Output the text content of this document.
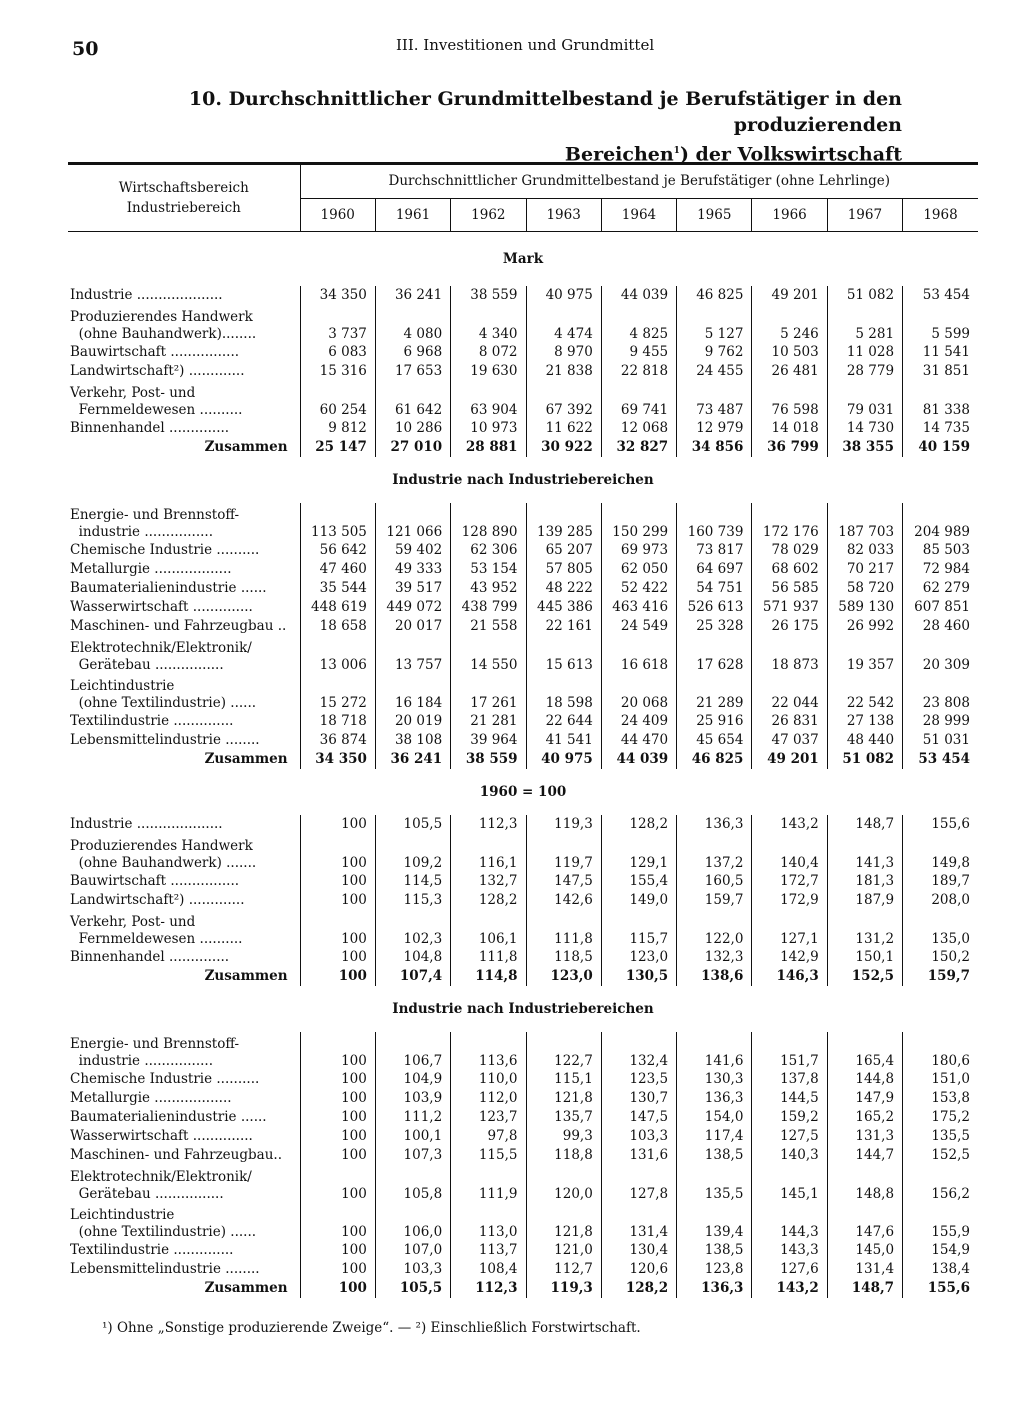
50	III. Investitionen und Grundmittel
10. Durchschnittlicher Grundmittelbestand je Berufstätiger in den produzierenden
Bereichen$^1$) der Volkswirtschaft
Wirtschaftsbereich
Industriebereich	Durchschnittlicher Grundmittelbestand je Berufstätiger (ohne Lehrlinge)								
	1960	1961	1962	1963	1964	1965	1966	1967	1968
Mark									
Industrie ....................	34 350	36 241	38 559	40 975	44 039	46 825	49 201	51 082	53 454
Produzierendes Handwerk
(ohne Bauhandwerk)........	3 737	4 080	4 340	4 474	4 825	5 127	5 246	5 281	5 599
Bauwirtschaft ................	6 083	6 968	8 072	8 970	9 455	9 762	10 503	11 028	11 541
Landwirtschaft²) .............	15 316	17 653	19 630	21 838	22 818	24 455	26 481	28 779	31 851
Verkehr, Post- und
Fernmeldewesen ..........	60 254	61 642	63 904	67 392	69 741	73 487	76 598	79 031	81 338
Binnenhandel ..............	9 812	10 286	10 973	11 622	12 068	12 979	14 018	14 730	14 735
Zusammen	25 147	27 010	28 881	30 922	32 827	34 856	36 799	38 355	40 159
Industrie nach Industriebereichen									
Energie- und Brennstoff-
industrie ................	113 505	121 066	128 890	139 285	150 299	160 739	172 176	187 703	204 989
Chemische Industrie ..........	56 642	59 402	62 306	65 207	69 973	73 817	78 029	82 033	85 503
Metallurgie ..................	47 460	49 333	53 154	57 805	62 050	64 697	68 602	70 217	72 984
Baumaterialienindustrie ......	35 544	39 517	43 952	48 222	52 422	54 751	56 585	58 720	62 279
Wasserwirtschaft ..............	448 619	449 072	438 799	445 386	463 416	526 613	571 937	589 130	607 851
Maschinen- und Fahrzeugbau ..	18 658	20 017	21 558	22 161	24 549	25 328	26 175	26 992	28 460
Elektrotechnik/Elektronik/
Gerätebau ................	13 006	13 757	14 550	15 613	16 618	17 628	18 873	19 357	20 309
Leichtindustrie
(ohne Textilindustrie) ......	15 272	16 184	17 261	18 598	20 068	21 289	22 044	22 542	23 808
Textilindustrie ..............	18 718	20 019	21 281	22 644	24 409	25 916	26 831	27 138	28 999
Lebensmittelindustrie ........	36 874	38 108	39 964	41 541	44 470	45 654	47 037	48 440	51 031
Zusammen	34 350	36 241	38 559	40 975	44 039	46 825	49 201	51 082	53 454
1960 = 100									
Industrie ....................	100	105,5	112,3	119,3	128,2	136,3	143,2	148,7	155,6
Produzierendes Handwerk
(ohne Bauhandwerk) .......	100	109,2	116,1	119,7	129,1	137,2	140,4	141,3	149,8
Bauwirtschaft ................	100	114,5	132,7	147,5	155,4	160,5	172,7	181,3	189,7
Landwirtschaft²) .............	100	115,3	128,2	142,6	149,0	159,7	172,9	187,9	208,0
Verkehr, Post- und
Fernmeldewesen ..........	100	102,3	106,1	111,8	115,7	122,0	127,1	131,2	135,0
Binnenhandel ..............	100	104,8	111,8	118,5	123,0	132,3	142,9	150,1	150,2
Zusammen	100	107,4	114,8	123,0	130,5	138,6	146,3	152,5	159,7
Industrie nach Industriebereichen									
Energie- und Brennstoff-
industrie ................	100	106,7	113,6	122,7	132,4	141,6	151,7	165,4	180,6
Chemische Industrie ..........	100	104,9	110,0	115,1	123,5	130,3	137,8	144,8	151,0
Metallurgie ..................	100	103,9	112,0	121,8	130,7	136,3	144,5	147,9	153,8
Baumaterialienindustrie ......	100	111,2	123,7	135,7	147,5	154,0	159,2	165,2	175,2
Wasserwirtschaft ..............	100	100,1	97,8	99,3	103,3	117,4	127,5	131,3	135,5
Maschinen- und Fahrzeugbau..	100	107,3	115,5	118,8	131,6	138,5	140,3	144,7	152,5
Elektrotechnik/Elektronik/
Gerätebau ................	100	105,8	111,9	120,0	127,8	135,5	145,1	148,8	156,2
Leichtindustrie
(ohne Textilindustrie) ......	100	106,0	113,0	121,8	131,4	139,4	144,3	147,6	155,9
Textilindustrie ..............	100	107,0	113,7	121,0	130,4	138,5	143,3	145,0	154,9
Lebensmittelindustrie ........	100	103,3	108,4	112,7	120,6	123,8	127,6	131,4	138,4
Zusammen	100	105,5	112,3	119,3	128,2	136,3	143,2	148,7	155,6
¹) Ohne „Sonstige produzierende Zweige“. — ²) Einschließlich Forstwirtschaft.
